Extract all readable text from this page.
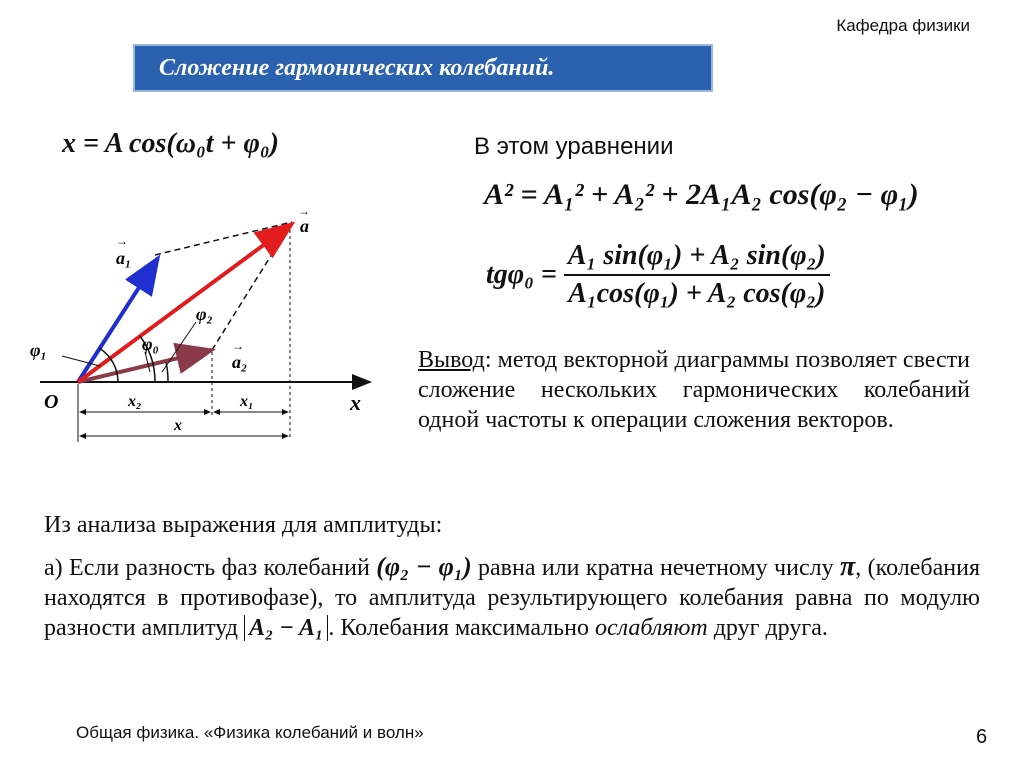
Кафедра физики
Сложение гармонических колебаний.
x = A cos(ω₀t + φ₀)	В этом уравнении
A² = A₁² + A₂² + 2A₁A₂ cos(φ₂ − φ₁)
$tg\varphi_0 = \frac{\text{A₁ sin(φ₁) + A₂ sin(φ₂)}}{\text{A₁cos(φ₁) + A₂ cos(φ₂)}}$
→
a
→
a₁
→
a₂
φ₁
φ₂
φ₀
O	x
x₂	x₁
x
Вывод: метод векторной диаграммы позволяет свести сложение нескольких гармонических колебаний одной частоты к операции сложения векторов.
Из анализа выражения для амплитуды:
а) Если разность фаз колебаний (φ₂ − φ₁) равна или кратна нечетному числу π, (колебания находятся в противофазе), то амплитуда результирующего колебания равна по модулю разности амплитуд A₂ − A₁ . Колебания максимально ослабляют друг друга.
Общая физика. «Физика колебаний и волн»	6
